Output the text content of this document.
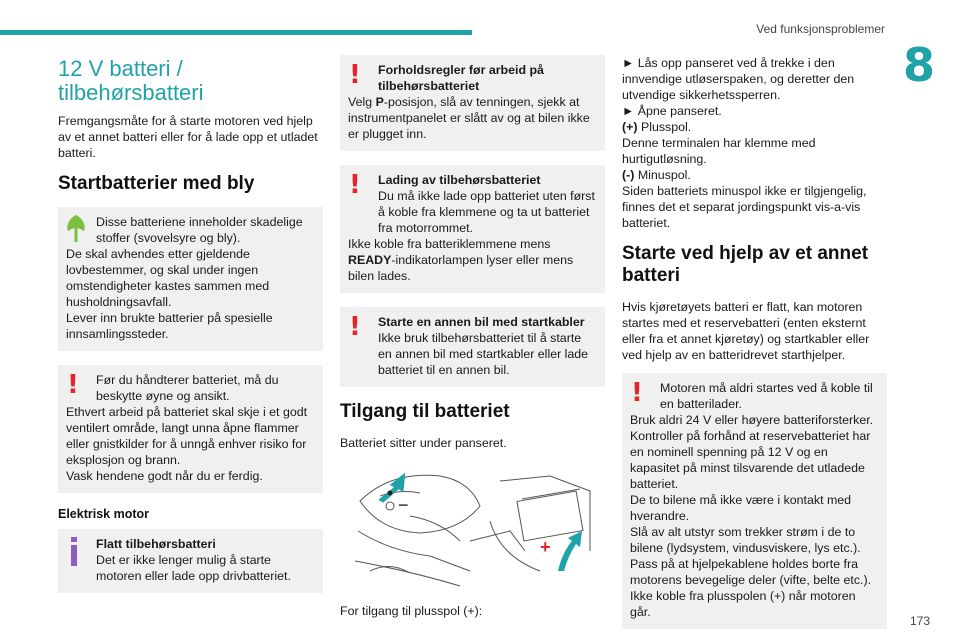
Ved funksjonsproblemer
8
12 V batteri /
tilbehørsbatteri

Fremgangsmåte for å starte motoren ved hjelp av et annet batteri eller for å lade opp et utladet batteri.

Startbatterier med bly

Disse batteriene inneholder skadelige stoffer (svovelsyre og bly).

De skal avhendes etter gjeldende lovbestemmer, og skal under ingen omstendigheter kastes sammen med husholdningsavfall.

Lever inn brukte batterier på spesielle innsamlingssteder.

!	Før du håndterer batteriet, må du beskytte øyne og ansikt.

Ethvert arbeid på batteriet skal skje i et godt ventilert område, langt unna åpne flammer eller gnistkilder for å unngå enhver risiko for eksplosjon og brann.

Vask hendene godt når du er ferdig.

Elektrisk motor

Flatt tilbehørsbatteri

Det er ikke lenger mulig å starte motoren eller lade opp drivbatteriet.

!	Forholdsregler før arbeid på tilbehørsbatteriet

Velg P-posisjon, slå av tenningen, sjekk at instrumentpanelet er slått av og at bilen ikke er plugget inn.

!	Lading av tilbehørsbatteriet

Du må ikke lade opp batteriet uten først å koble fra klemmene og ta ut batteriet fra motorrommet.

Ikke koble fra batteriklemmene mens READY-indikatorlampen lyser eller mens bilen lades.

!	Starte en annen bil med startkabler

Ikke bruk tilbehørsbatteriet til å starte en annen bil med startkabler eller lade batteriet til en annen bil.

Tilgang til batteriet

Batteriet sitter under panseret.

−
+

For tilgang til plusspol (+):

► Lås opp panseret ved å trekke i den innvendige utløserspaken, og deretter den utvendige sikkerhetssperren.

► Åpne panseret.

(+) Plusspol.

Denne terminalen har klemme med hurtigutløsning.

(-) Minuspol.

Siden batteriets minuspol ikke er tilgjengelig, finnes det et separat jordingspunkt vis-a-vis batteriet.

Starte ved hjelp av et annet batteri

Hvis kjøretøyets batteri er flatt, kan motoren startes med et reservebatteri (enten eksternt eller fra et annet kjøretøy) og startkabler eller ved hjelp av en batteridrevet starthjelper.

!	Motoren må aldri startes ved å koble til en batterilader.

Bruk aldri 24 V eller høyere batteriforsterker.

Kontroller på forhånd at reservebatteriet har en nominell spenning på 12 V og en kapasitet på minst tilsvarende det utladede batteriet.

De to bilene må ikke være i kontakt med hverandre.

Slå av alt utstyr som trekker strøm i de to bilene (lydsystem, vindusviskere, lys etc.).

Pass på at hjelpekablene holdes borte fra motorens bevegelige deler (vifte, belte etc.).

Ikke koble fra plusspolen (+) når motoren går.

173
